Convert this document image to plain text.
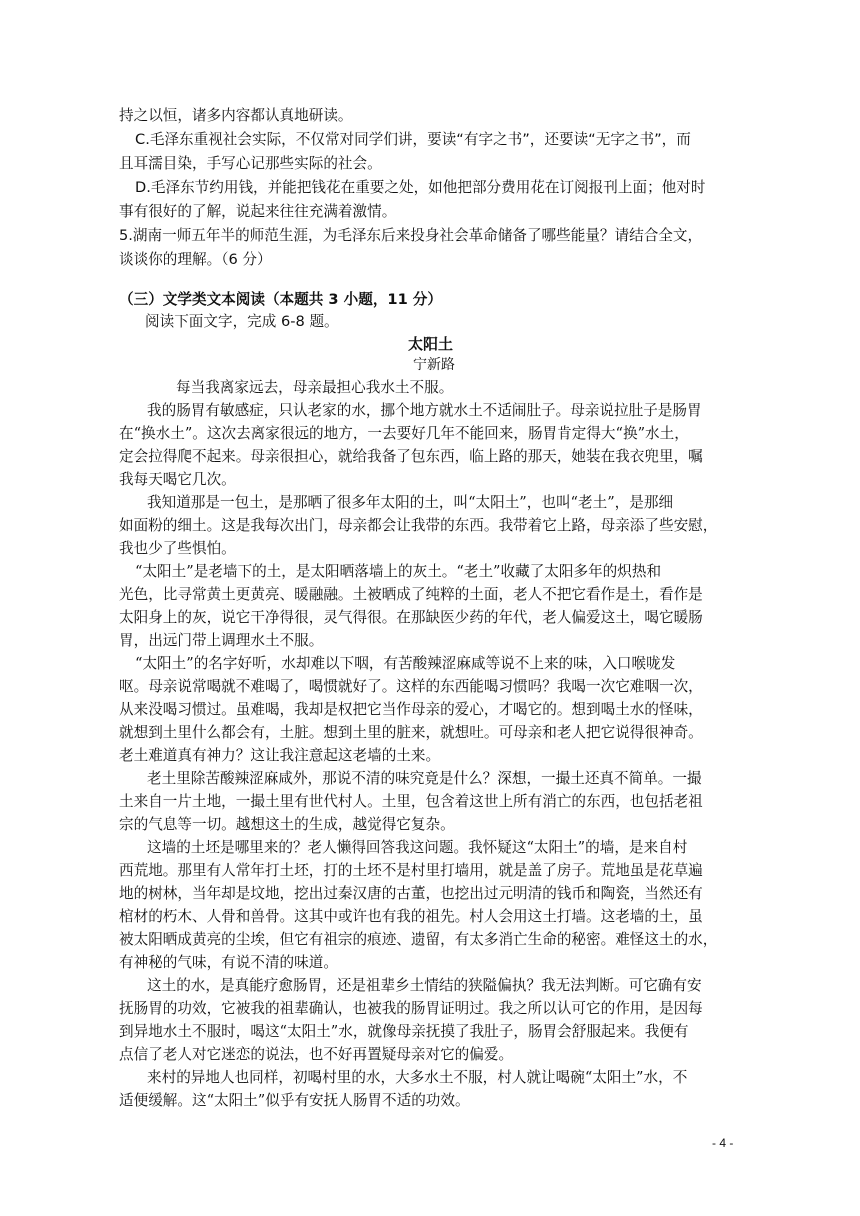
持之以恒，诸多内容都认真地研读。
C.毛泽东重视社会实际，不仅常对同学们讲，要读“有字之书”，还要读“无字之书”，而
且耳濡目染，手写心记那些实际的社会。
D.毛泽东节约用钱，并能把钱花在重要之处，如他把部分费用花在订阅报刊上面；他对时
事有很好的了解，说起来往往充满着激情。
5.湖南一师五年半的师范生涯，为毛泽东后来投身社会革命储备了哪些能量？请结合全文，
谈谈你的理解。（6 分）
（三）文学类文本阅读（本题共 3 小题，11 分）
阅读下面文字，完成 6-8 题。
太阳土
宁新路
每当我离家远去，母亲最担心我水土不服。
我的肠胃有敏感症，只认老家的水，挪个地方就水土不适闹肚子。母亲说拉肚子是肠胃
在“换水土”。这次去离家很远的地方，一去要好几年不能回来，肠胃肯定得大“换”水土，
定会拉得爬不起来。母亲很担心，就给我备了包东西，临上路的那天，她装在我衣兜里，嘱
我每天喝它几次。
我知道那是一包土，是那晒了很多年太阳的土，叫“太阳土”，也叫“老土”，是那细
如面粉的细土。这是我每次出门，母亲都会让我带的东西。我带着它上路，母亲添了些安慰，
我也少了些惧怕。
“太阳土”是老墙下的土，是太阳晒落墙上的灰土。“老土”收藏了太阳多年的炽热和
光色，比寻常黄土更黄亮、暖融融。土被晒成了纯粹的土面，老人不把它看作是土，看作是
太阳身上的灰，说它干净得很，灵气得很。在那缺医少药的年代，老人偏爱这土，喝它暖肠
胃，出远门带上调理水土不服。
“太阳土”的名字好听，水却难以下咽，有苦酸辣涩麻咸等说不上来的味，入口喉咙发
呕。母亲说常喝就不难喝了，喝惯就好了。这样的东西能喝习惯吗？我喝一次它难咽一次，
从来没喝习惯过。虽难喝，我却是权把它当作母亲的爱心，才喝它的。想到喝土水的怪味，
就想到土里什么都会有，土脏。想到土里的脏来，就想吐。可母亲和老人把它说得很神奇。
老土难道真有神力？这让我注意起这老墙的土来。
老土里除苦酸辣涩麻咸外，那说不清的味究竟是什么？深想，一撮土还真不简单。一撮
土来自一片土地，一撮土里有世代村人。土里，包含着这世上所有消亡的东西，也包括老祖
宗的气息等一切。越想这土的生成，越觉得它复杂。
这墙的土坯是哪里来的？老人懒得回答我这问题。我怀疑这“太阳土”的墙，是来自村
西荒地。那里有人常年打土坯，打的土坯不是村里打墙用，就是盖了房子。荒地虽是花草遍
地的树林，当年却是坟地，挖出过秦汉唐的古董，也挖出过元明清的钱币和陶瓷，当然还有
棺材的朽木、人骨和兽骨。这其中或许也有我的祖先。村人会用这土打墙。这老墙的土，虽
被太阳晒成黄亮的尘埃，但它有祖宗的痕迹、遗留，有太多消亡生命的秘密。难怪这土的水，
有神秘的气味，有说不清的味道。
这土的水，是真能疗愈肠胃，还是祖辈乡土情结的狭隘偏执？我无法判断。可它确有安
抚肠胃的功效，它被我的祖辈确认，也被我的肠胃证明过。我之所以认可它的作用，是因每
到异地水土不服时，喝这“太阳土”水，就像母亲抚摸了我肚子，肠胃会舒服起来。我便有
点信了老人对它迷恋的说法，也不好再置疑母亲对它的偏爱。
来村的异地人也同样，初喝村里的水，大多水土不服，村人就让喝碗“太阳土”水，不
适便缓解。这“太阳土”似乎有安抚人肠胃不适的功效。
- 4 -
